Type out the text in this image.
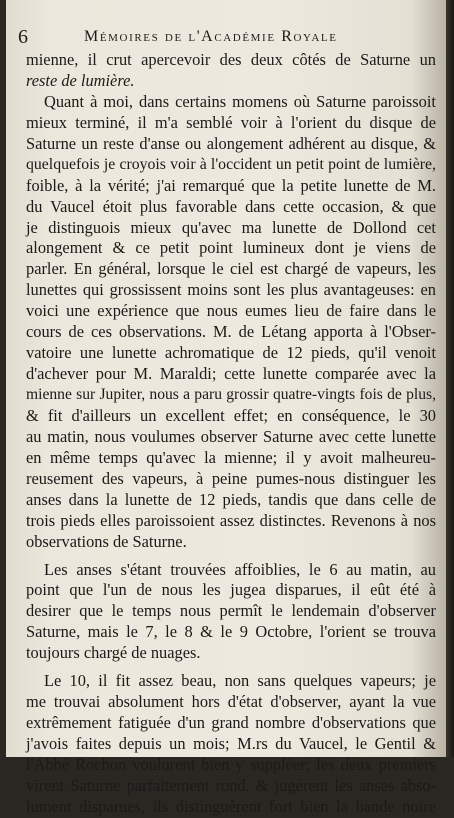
6	Mémoires de l'Académie Royale
mienne, il crut apercevoir des deux côtés de Saturne un
reste de lumière.
Quant à moi, dans certains momens où Saturne paroissoit
mieux terminé, il m'a semblé voir à l'orient du disque de
Saturne un reste d'anse ou alongement adhérent au disque, &
quelquefois je croyois voir à l'occident un petit point de lumière,
foible, à la vérité; j'ai remarqué que la petite lunette de M.
du Vaucel étoit plus favorable dans cette occasion, & que
je distinguois mieux qu'avec ma lunette de Dollond cet
alongement & ce petit point lumineux dont je viens de
parler. En général, lorsque le ciel est chargé de vapeurs, les
lunettes qui grossissent moins sont les plus avantageuses: en
voici une expérience que nous eumes lieu de faire dans le
cours de ces observations. M. de Létang apporta à l'Obser-
vatoire une lunette achromatique de 12 pieds, qu'il venoit
d'achever pour M. Maraldi; cette lunette comparée avec la
mienne sur Jupiter, nous a paru grossir quatre-vingts fois de plus,
& fit d'ailleurs un excellent effet; en conséquence, le 30
au matin, nous voulumes observer Saturne avec cette lunette
en même temps qu'avec la mienne; il y avoit malheureu-
reusement des vapeurs, à peine pumes-nous distinguer les
anses dans la lunette de 12 pieds, tandis que dans celle de
trois pieds elles paroissoient assez distinctes. Revenons à nos
observations de Saturne.
Les anses s'étant trouvées affoiblies, le 6 au matin, au
point que l'un de nous les jugea disparues, il eût été à
desirer que le temps nous permît le lendemain d'observer
Saturne, mais le 7, le 8 & le 9 Octobre, l'orient se trouva
toujours chargé de nuages.
Le 10, il fit assez beau, non sans quelques vapeurs; je
me trouvai absolument hors d'état d'observer, ayant la vue
extrêmement fatiguée d'un grand nombre d'observations que
j'avois faites depuis un mois; M.rs du Vaucel, le Gentil &
l'Abbé Rochon voulurent bien y suppléer; les deux premiers
virent Saturne parfaitement rond, & jugèrent les anses abso-
lument disparues, ils distinguèrent fort bien la bande noire
